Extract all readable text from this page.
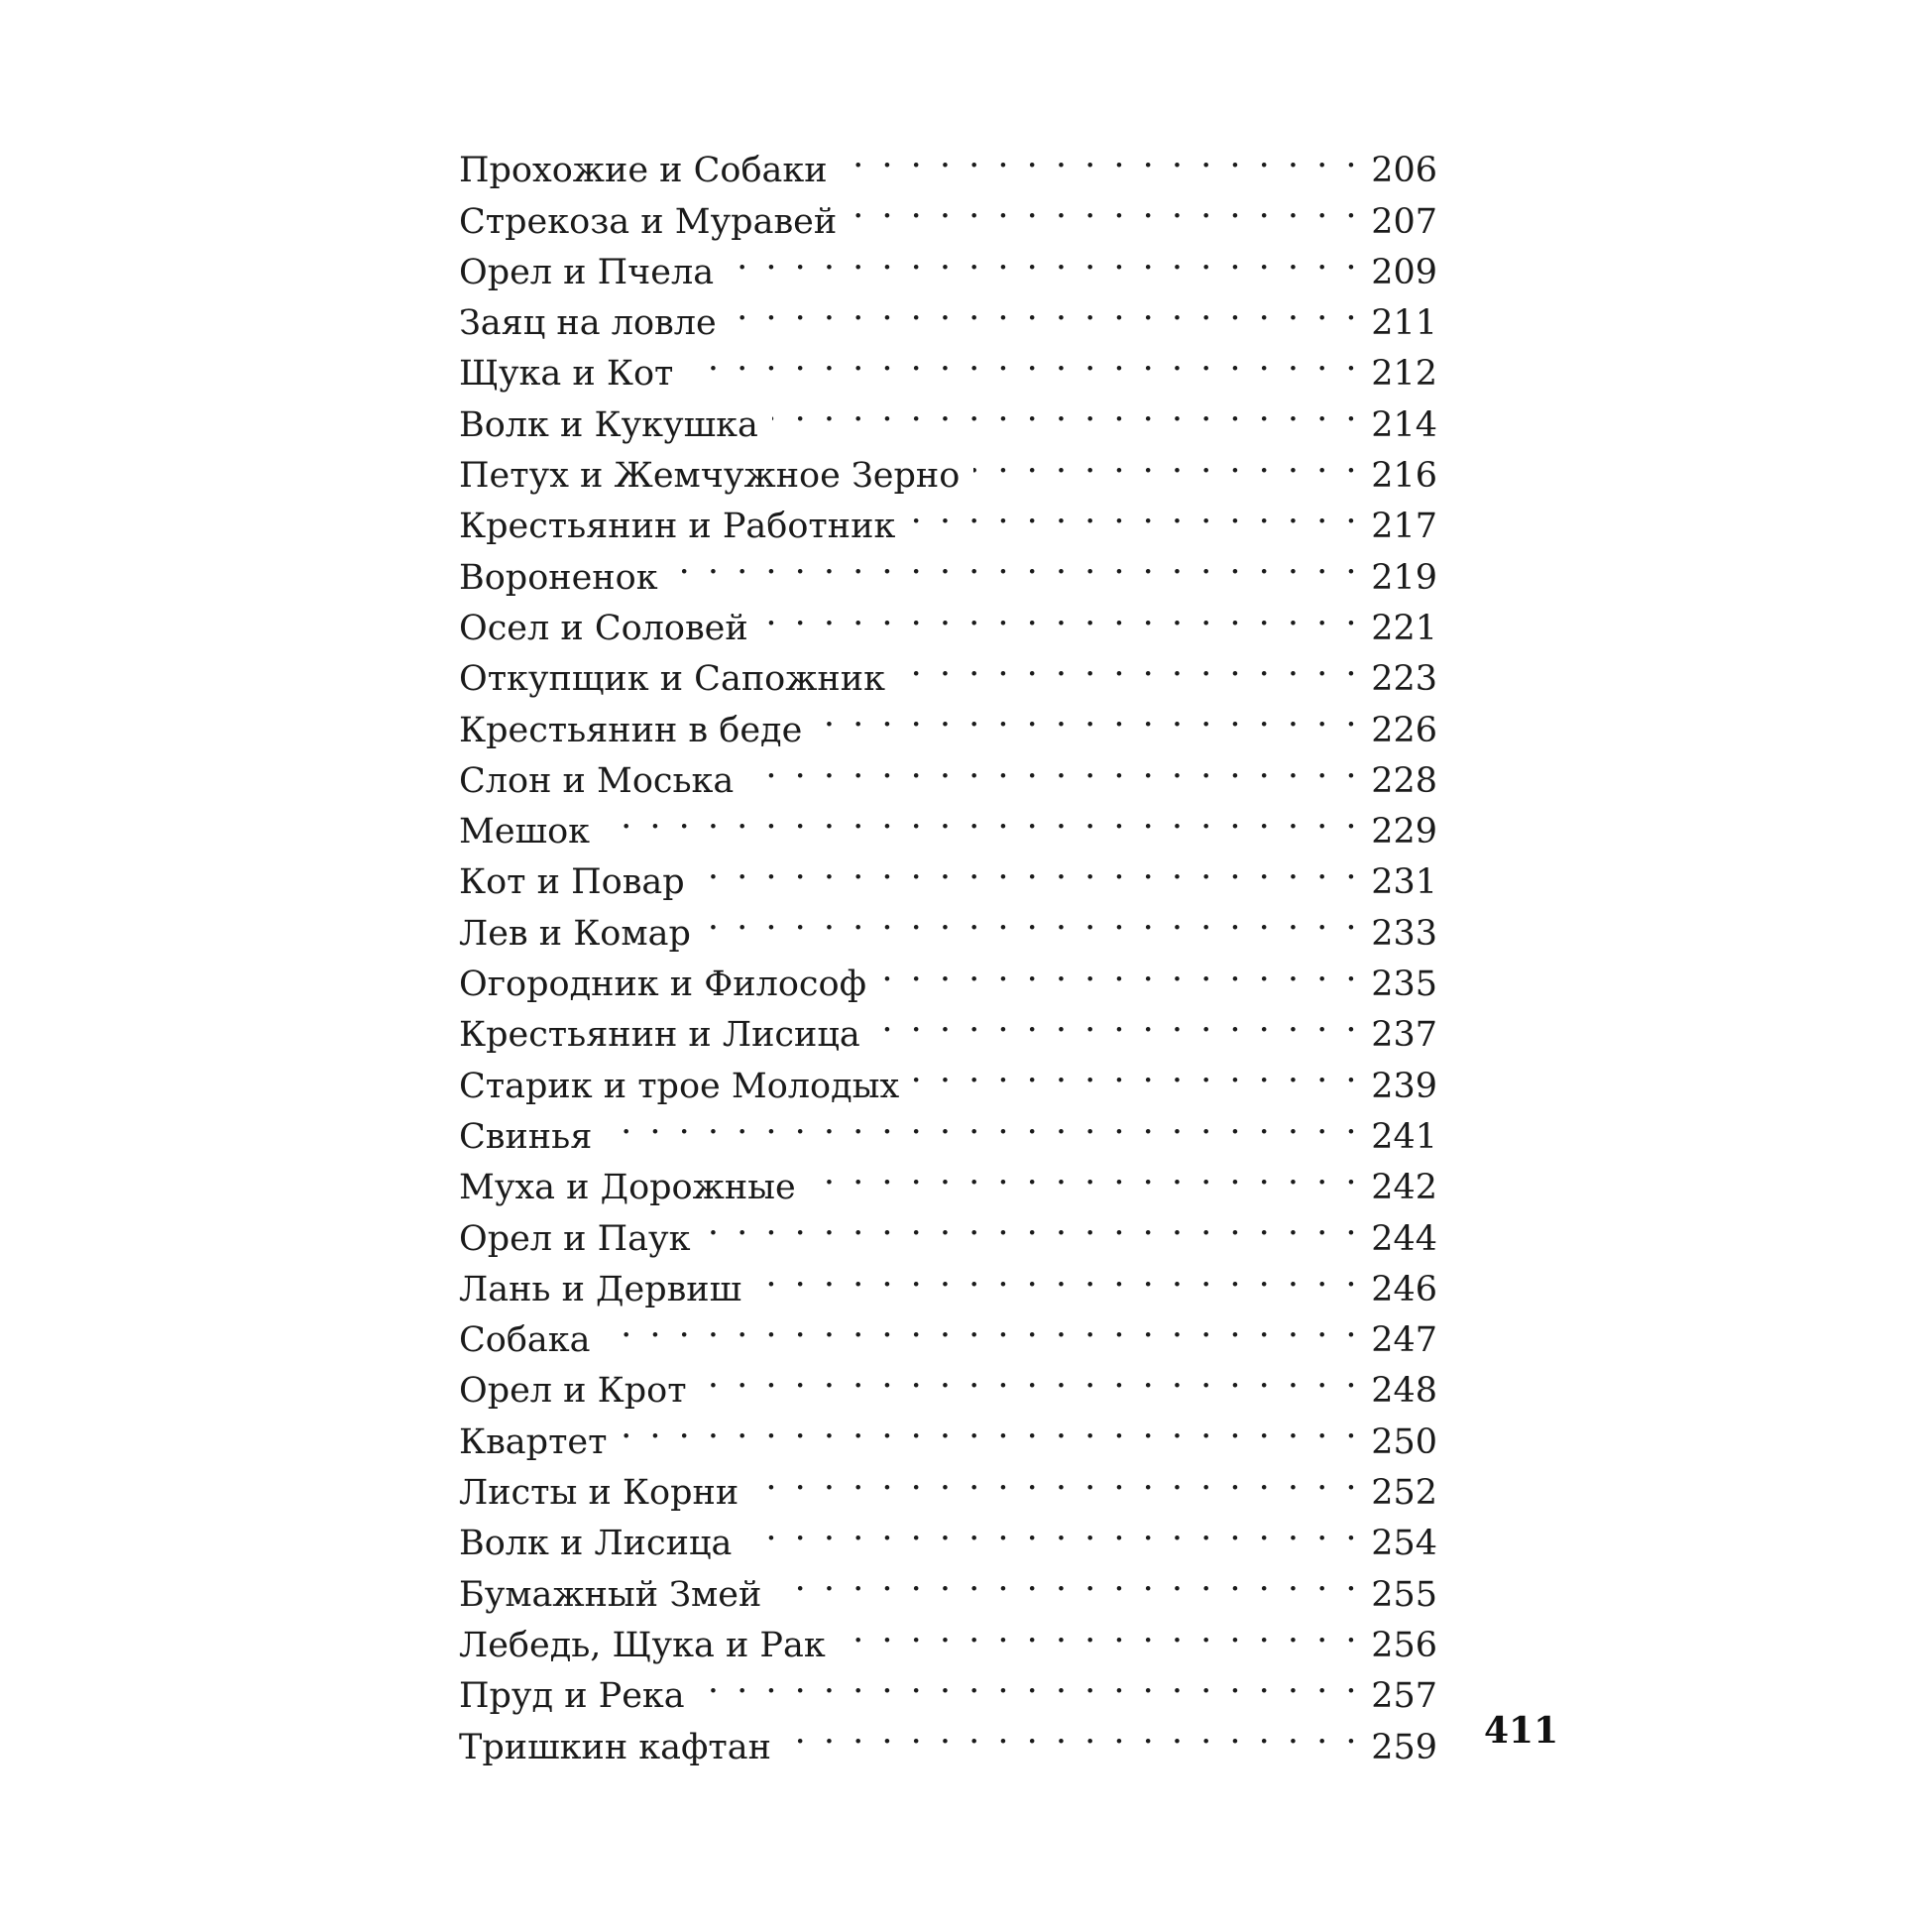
Прохожие и Собаки . . .	206
Стрекоза и Муравей . . .	207
Орел и Пчела . . .	209
Заяц на ловле . . .	211
Щука и Кот . . .	212
Волк и Кукушка . . .	214
Петух и Жемчужное Зерно . . .	216
Крестьянин и Работник . . .	217
Вороненок . . .	219
Осел и Соловей . . .	221
Откупщик и Сапожник . . .	223
Крестьянин в беде . . .	226
Слон и Моська . . .	228
Мешок . . .	229
Кот и Повар . . .	231
Лев и Комар . . .	233
Огородник и Философ . . .	235
Крестьянин и Лисица . . .	237
Старик и трое Молодых . . .	239
Свинья . . .	241
Муха и Дорожные . . .	242
Орел и Паук . . .	244
Лань и Дервиш . . .	246
Собака . . .	247
Орел и Крот . . .	248
Квартет . . .	250
Листы и Корни . . .	252
Волк и Лисица . . .	254
Бумажный Змей . . .	255
Лебедь, Щука и Рак . . .	256
Пруд и Река . . .	257
Тришкин кафтан . . .	259 411
